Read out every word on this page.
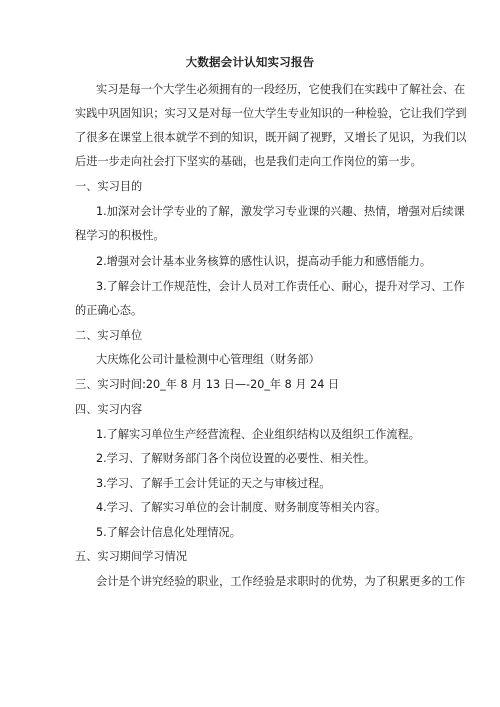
大数据会计认知实习报告
实习是每一个大学生必须拥有的一段经历，它使我们在实践中了解社会、在
实践中巩固知识；实习又是对每一位大学生专业知识的一种检验，它让我们学到
了很多在课堂上很本就学不到的知识，既开阔了视野，又增长了见识，为我们以
后进一步走向社会打下坚实的基础，也是我们走向工作岗位的第一步。
一、实习目的
1.加深对会计学专业的了解，激发学习专业课的兴趣、热情，增强对后续课
程学习的积极性。
2.增强对会计基本业务核算的感性认识，提高动手能力和感悟能力。
3.了解会计工作规范性，会计人员对工作责任心、耐心，提升对学习、工作
的正确心态。
二、实习单位
大庆炼化公司计量检测中心管理组（财务部）
三、实习时间:20_年 8 月 13 日—-20_年 8 月 24 日
四、实习内容
1.了解实习单位生产经营流程、企业组织结构以及组织工作流程。
2.学习、了解财务部门各个岗位设置的必要性、相关性。
3.学习、了解手工会计凭证的天之与审核过程。
4.学习、了解实习单位的会计制度、财务制度等相关内容。
5.了解会计信息化处理情况。
五、实习期间学习情况
会计是个讲究经验的职业，工作经验是求职时的优势，为了积累更多的工作
